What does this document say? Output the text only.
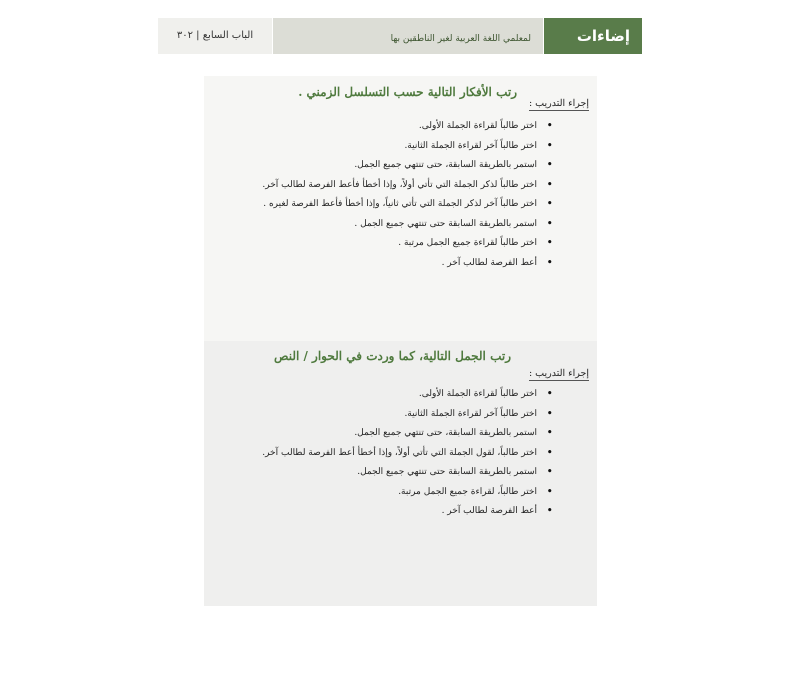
الباب السابع | ٣٠٢	لمعلمي اللغة العربية لغير الناطقين بها	إضاءات
رتب الأفكار التالية حسب التسلسل الزمني .
إجراء التدريب :
• اختر طالباً لقراءة الجملة الأولى.
• اختر طالباً آخر لقراءة الجملة الثانية.
• استمر بالطريقة السابقة، حتى تنتهي جميع الجمل.
• اختر طالباً لذكر الجملة التي تأتي أولاً، وإذا أخطأ فأعط الفرصة لطالب آخر.
• اختر طالباً آخر لذكر الجملة التي تأتي ثانياً، وإذا أخطأ فأعط الفرصة لغيره .
• استمر بالطريقة السابقة حتى تنتهي جميع الجمل .
• اختر طالباً لقراءة جميع الجمل مرتبة .
• أعط الفرصة لطالب آخر .
رتب الجمل التالية، كما وردت في الحوار / النص
إجراء التدريب :
• اختر طالباً لقراءة الجملة الأولى.
• اختر طالباً آخر لقراءة الجملة الثانية.
• استمر بالطريقة السابقة، حتى تنتهي جميع الجمل.
• اختر طالباً، لقول الجملة التي تأتي أولاً، وإذا أخطأ أعط الفرصة لطالب آخر.
• استمر بالطريقة السابقة حتى تنتهي جميع الجمل.
• اختر طالباً، لقراءة جميع الجمل مرتبة.
• أعط الفرصة لطالب آخر .
